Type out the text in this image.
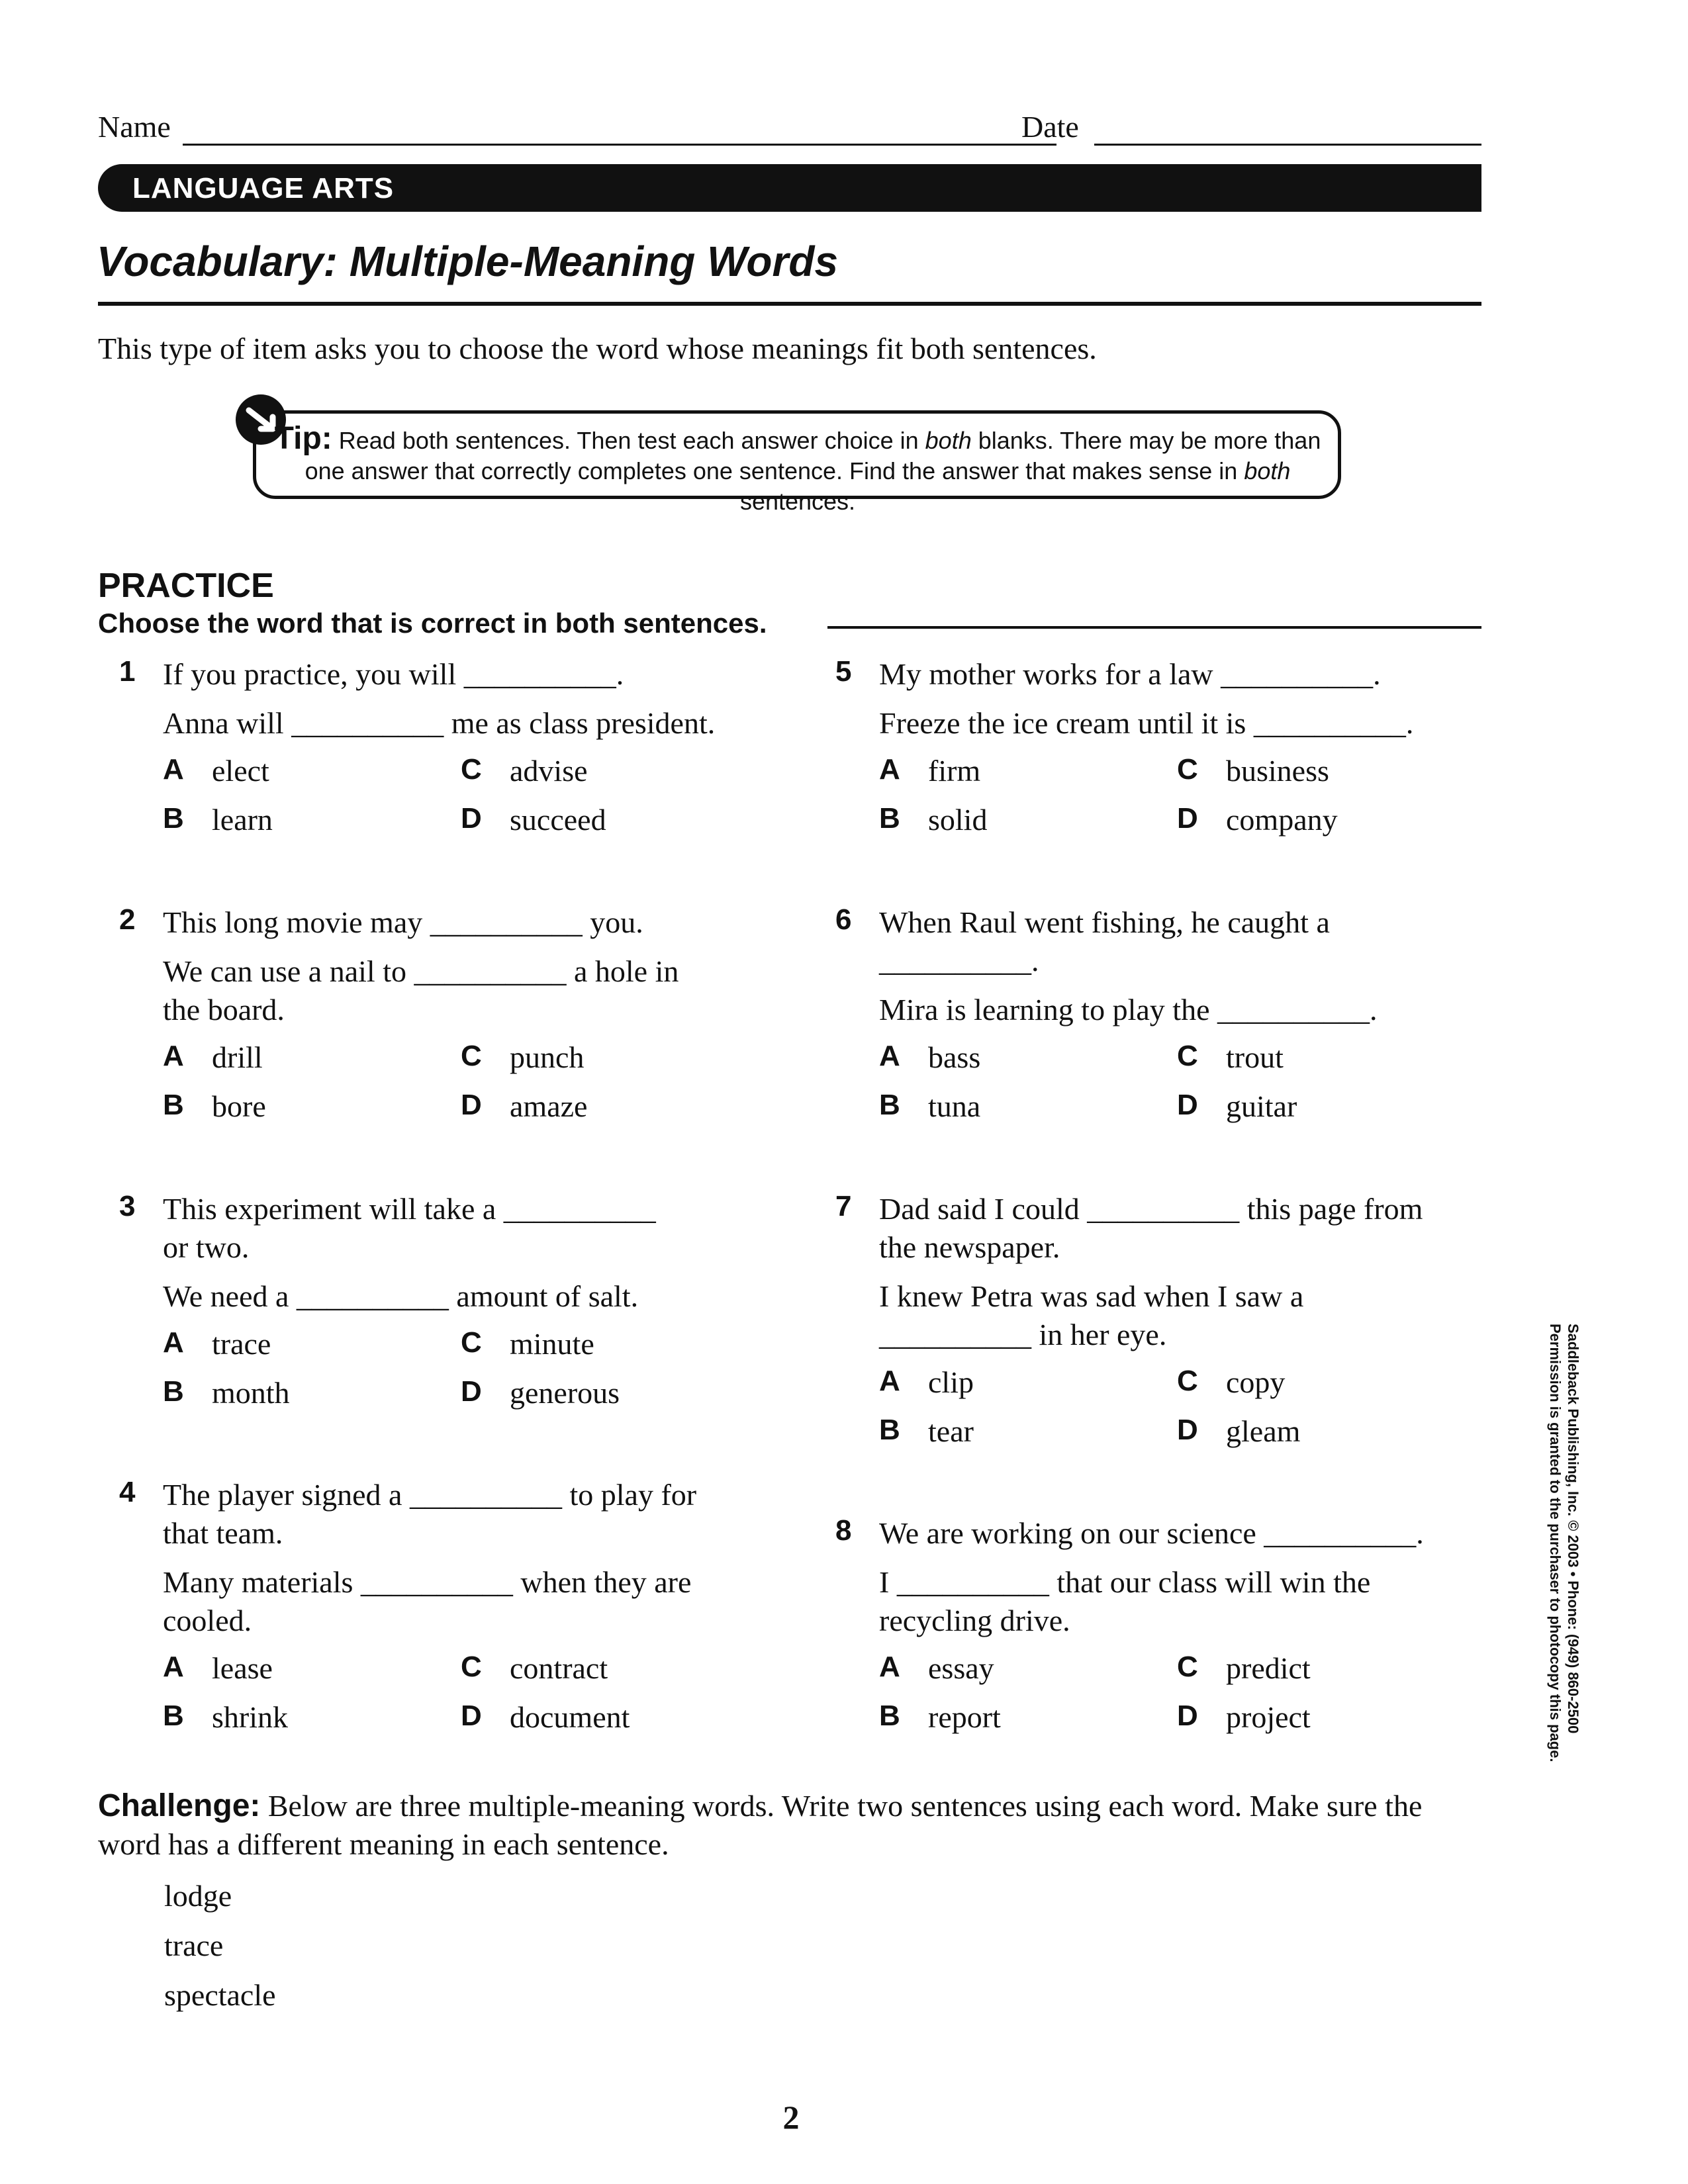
Name	Date
LANGUAGE ARTS
Vocabulary: Multiple-Meaning Words
This type of item asks you to choose the word whose meanings fit both sentences.
Tip: Read both sentences. Then test each answer choice in both blanks. There may be more than
one answer that correctly completes one sentence. Find the answer that makes sense in both sentences.
PRACTICE
Choose the word that is correct in both sentences.
1 If you practice, you will __________.
Anna will __________ me as class president.
A elect	C advise
B learn	D succeed
2 This long movie may __________ you.
We can use a nail to __________ a hole in
the board.
A drill	C punch
B bore	D amaze
3 This experiment will take a __________
or two.
We need a __________ amount of salt.
A trace	C minute
B month	D generous
4 The player signed a __________ to play for
that team.
Many materials __________ when they are
cooled.
A lease	C contract
B shrink	D document
5 My mother works for a law __________.
Freeze the ice cream until it is __________.
A firm	C business
B solid	D company
6 When Raul went fishing, he caught a
__________.
Mira is learning to play the __________.
A bass	C trout
B tuna	D guitar
7 Dad said I could __________ this page from
the newspaper.
I knew Petra was sad when I saw a
__________ in her eye.
A clip	C copy
B tear	D gleam
8 We are working on our science __________.
I __________ that our class will win the
recycling drive.
A essay	C predict
B report	D project	Saddleback Publishing, Inc. © 2003 • Phone: (949) 860-2500
Permission is granted to the purchaser to photocopy this page.
Challenge: Below are three multiple-meaning words. Write two sentences using each word. Make sure the word has a different meaning in each sentence.
lodge
trace
spectacle
2
